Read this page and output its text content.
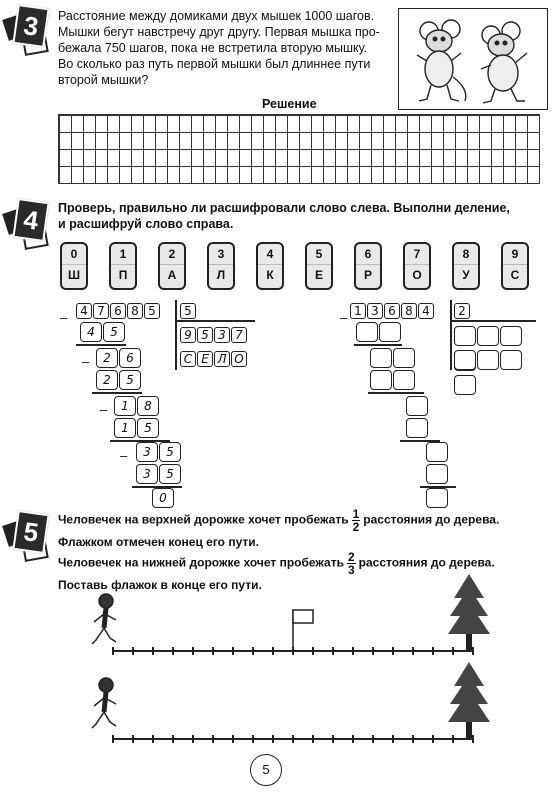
3	Расстояние между домиками двух мышек 1000 шагов.
Мышки бегут навстречу друг другу. Первая мышка про-
бежала 750 шагов, пока не встретила вторую мышку.
Во сколько раз путь первой мышки был длиннее пути
второй мышки?
Решение
4	Проверь, правильно ли расшифровали слово слева. Выполни деление,
и расшифруй слово справа.
0
Ш
1
П
2
А
3
Л
4
К
5
Е
6
Р
7
О
8
У
9
С
–	4 7 6 8 5	5
9 5 3 7
С Е Л О
4 5
–	2 6
2 5
–	1 8
1 5
–	3 5
3 5
0
– 1 3 6 8 4	2
5	Человечек на верхней дорожке хочет пробежать $\frac{1}{2}$ расстояния до дерева.
Флажком отмечен конец его пути.
Человечек на нижней дорожке хочет пробежать $\frac{2}{3}$ расстояния до дерева.
Поставь флажок в конце его пути.
5
